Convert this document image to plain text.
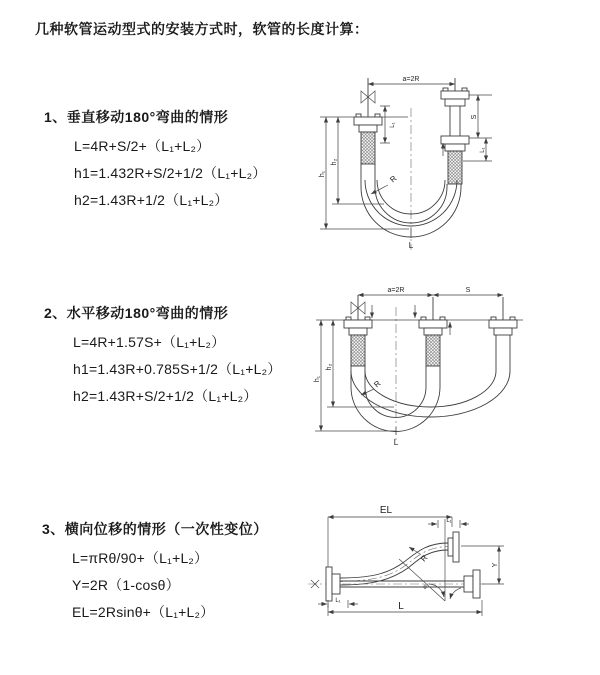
几种软管运动型式的安装方式时，软管的长度计算：
1、垂直移动180°弯曲的情形
L=4R+S/2+（L₁+L₂）
h1=1.432R+S/2+1/2（L₁+L₂）
h2=1.43R+1/2（L₁+L₂）
2、水平移动180°弯曲的情形
L=4R+1.57S+（L₁+L₂）
h1=1.43R+0.785S+1/2（L₁+L₂）
h2=1.43R+S/2+1/2（L₁+L₂）
3、横向位移的情形（一次性变位）
L=πRθ/90+（L₁+L₂）
Y=2R（1-cosθ）
EL=2Rsinθ+（L₁+L₂）
a=2R
h₁
h₂
L₁
S
L₁
R
L
a=2R	S
h₁
h₂
R
L
EL
L₁
Y
L
L₁
θ
R
